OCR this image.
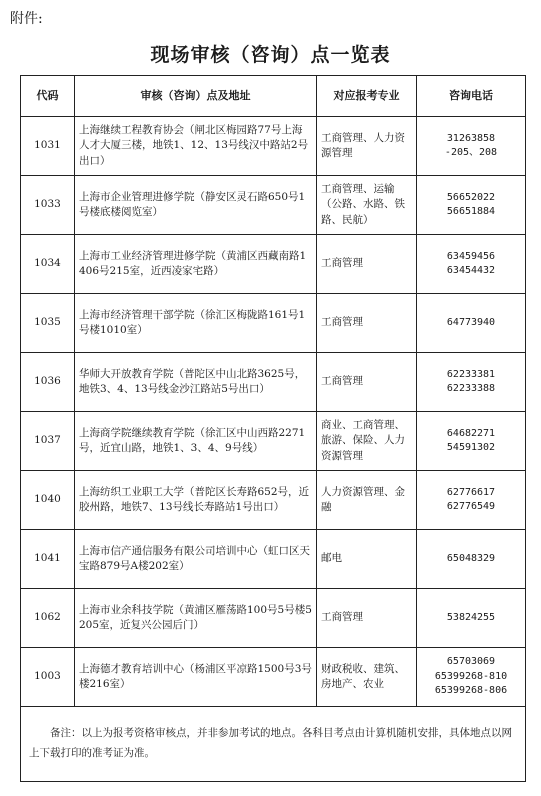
附件:
现场审核（咨询）点一览表
代码	审核（咨询）点及地址	对应报考专业	咨询电话
1031	上海继续工程教育协会（闸北区梅园路77号上海人才大厦三楼，地铁1、12、13号线汉中路站2号出口）	工商管理、人力资源管理	31263858
-205、208

1033	上海市企业管理进修学院（静安区灵石路650号1号楼底楼阅览室）	工商管理、运输（公路、水路、铁路、民航）	56652022
56651884

1034	上海市工业经济管理进修学院（黄浦区西藏南路1406号215室，近西凌家宅路）	工商管理	63459456
63454432

1035	上海市经济管理干部学院（徐汇区梅陇路161号1号楼1010室）	工商管理	64773940

1036	华师大开放教育学院（普陀区中山北路3625号，地铁3、4、13号线金沙江路站5号出口）	工商管理	62233381
62233388

1037	上海商学院继续教育学院（徐汇区中山西路2271号，近宜山路，地铁1、3、4、9号线）	商业、工商管理、旅游、保险、人力资源管理	64682271
54591302

1040	上海纺织工业职工大学（普陀区长寿路652号，近胶州路，地铁7、13号线长寿路站1号出口）	人力资源管理、金融	62776617
62776549

1041	上海市信产通信服务有限公司培训中心（虹口区天宝路879号A楼202室）	邮电	65048329

1062	上海市业余科技学院（黄浦区雁荡路100号5号楼5205室，近复兴公园后门）	工商管理	53824255

1003	上海德才教育培训中心（杨浦区平凉路1500号3号楼216室）	财政税收、建筑、房地产、农业	65703069
65399268-810
65399268-806

备注：以上为报考资格审核点，并非参加考试的地点。各科目考点由计算机随机安排，具体地点以网上下载打印的准考证为准。			
